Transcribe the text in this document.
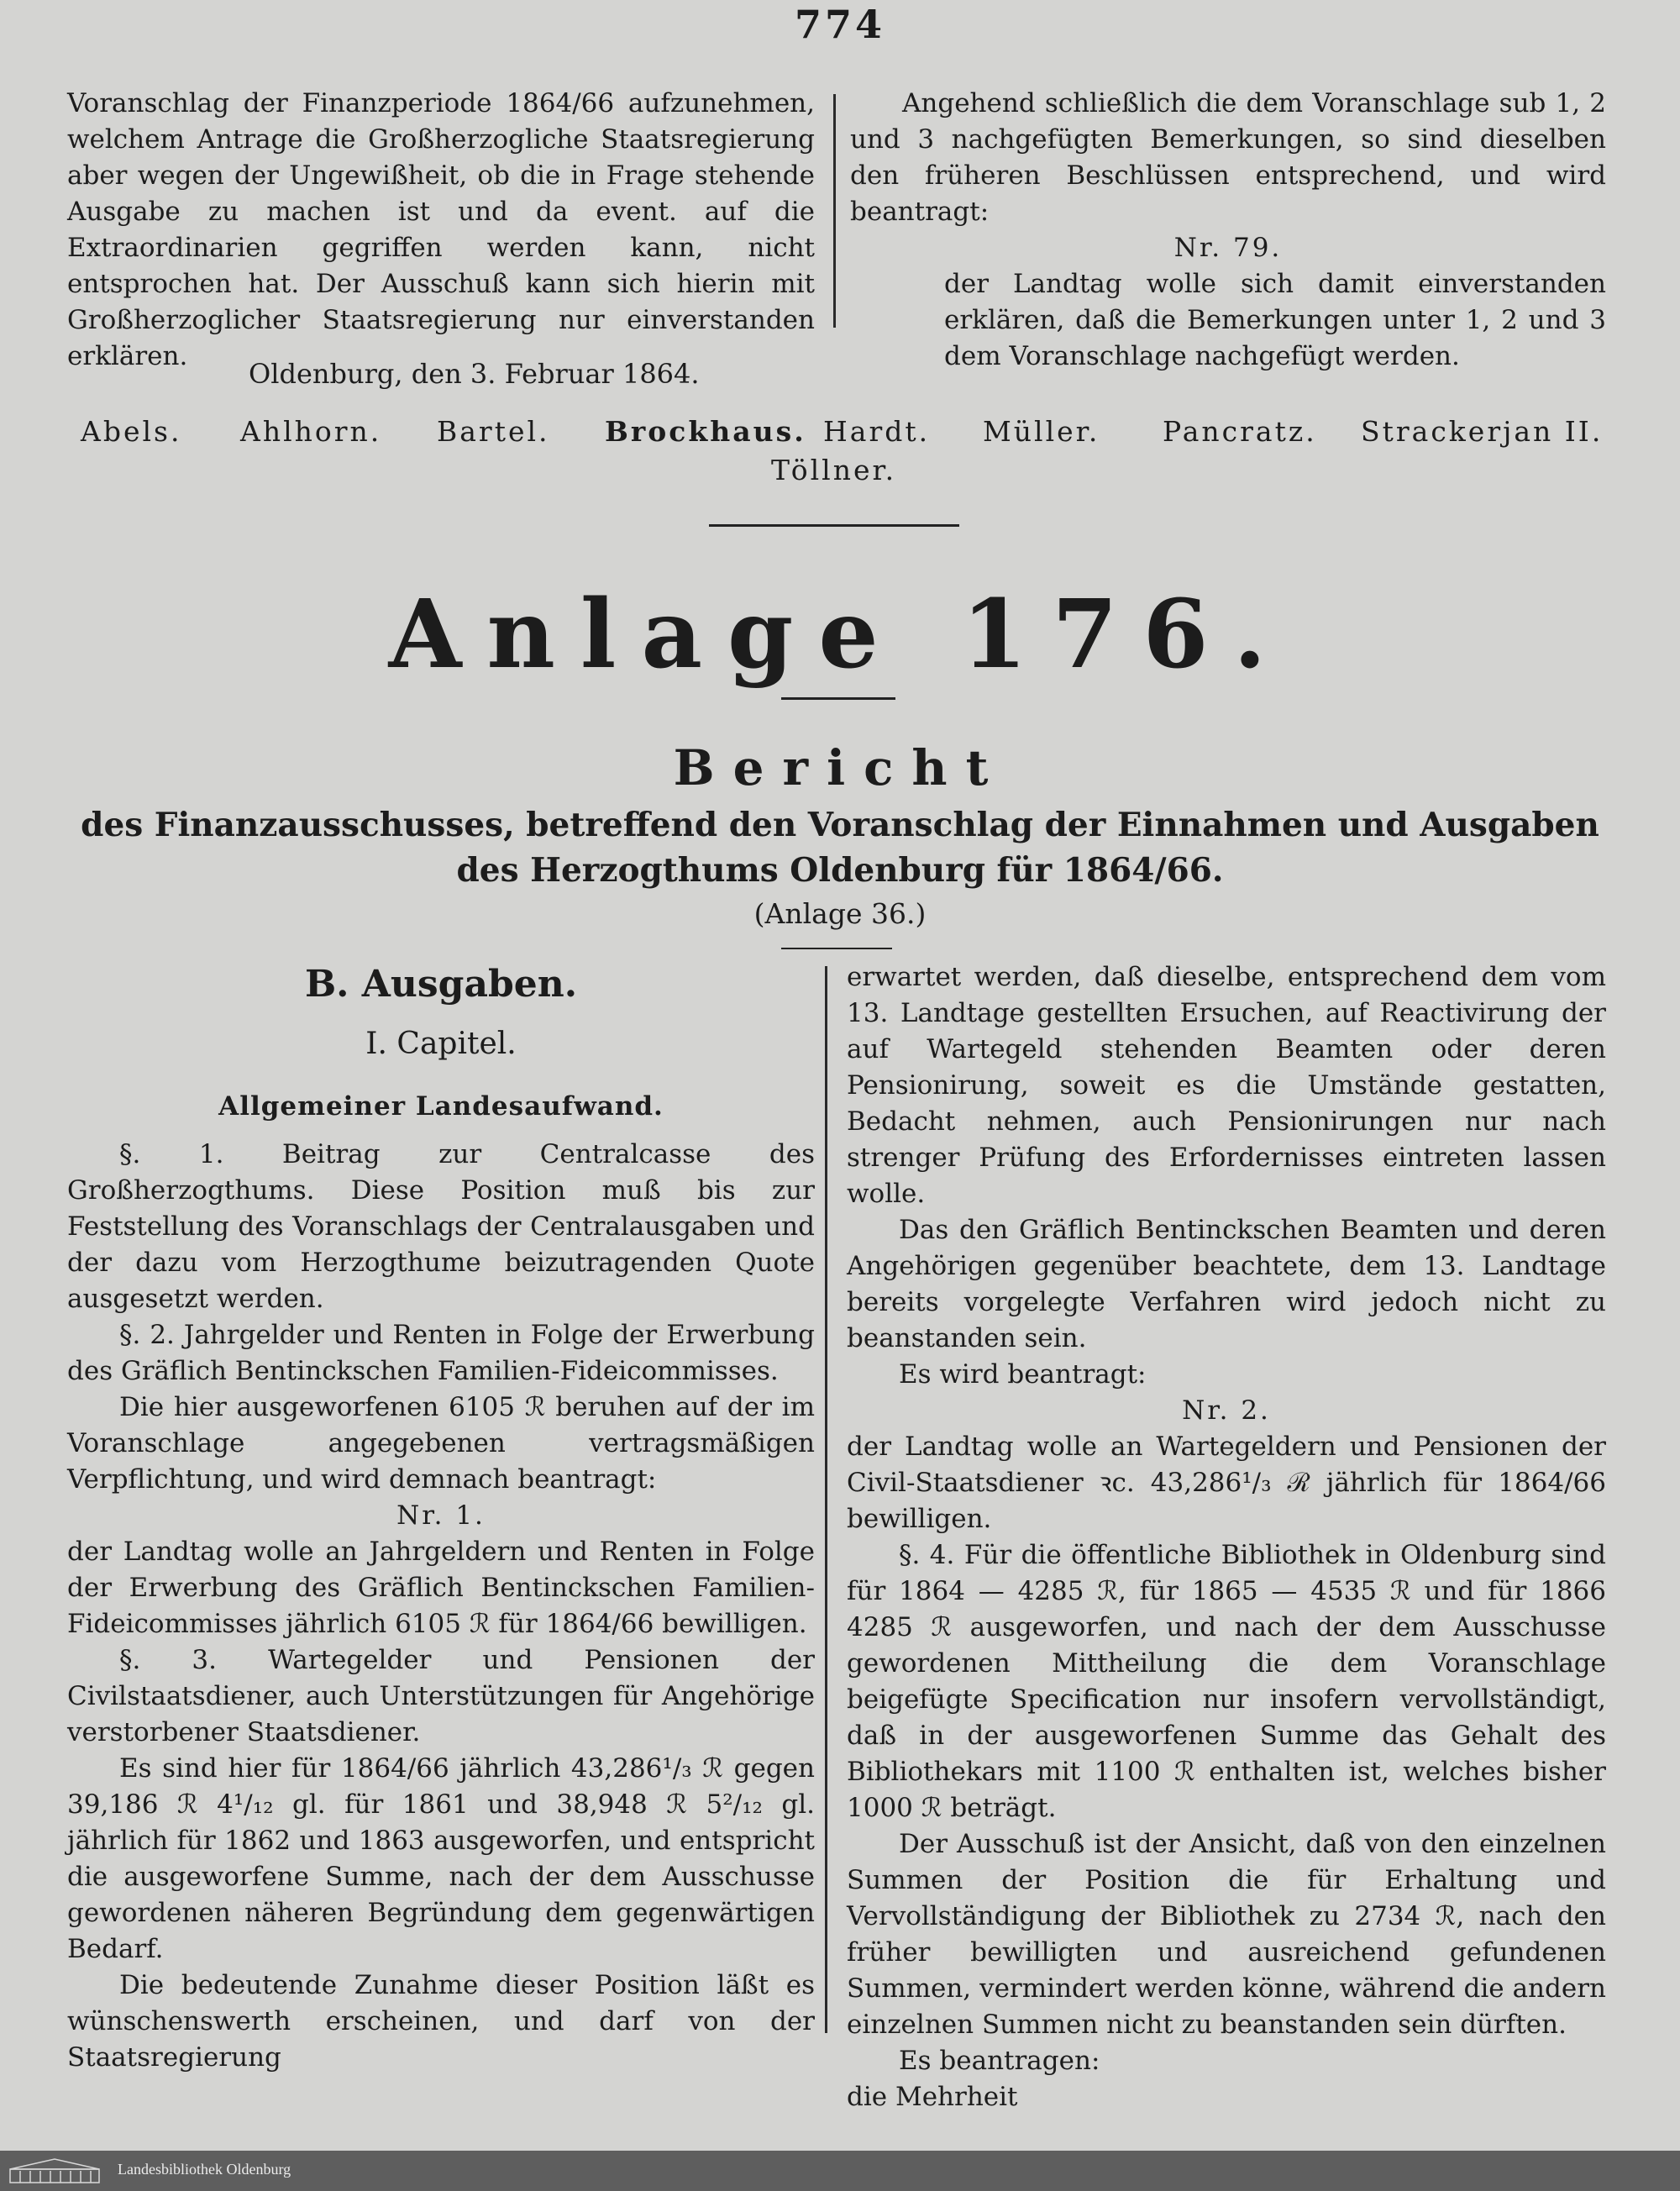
774

Voranschlag der Finanzperiode 1864/66 aufzunehmen, welchem Antrage die Großherzogliche Staatsregierung aber wegen der Ungewißheit, ob die in Frage stehende Ausgabe zu machen ist und da event. auf die Extraordinarien gegriffen werden kann, nicht entsprochen hat. Der Ausschuß kann sich hierin mit Großherzoglicher Staatsregierung nur einverstanden erklären.

Angehend schließlich die dem Voranschlage sub 1, 2 und 3 nachgefügten Bemerkungen, so sind dieselben den früheren Beschlüssen entsprechend, und wird beantragt:

Nr. 79.

der Landtag wolle sich damit einverstanden erklären, daß die Bemerkungen unter 1, 2 und 3 dem Voranschlage nachgefügt werden.

Oldenburg, den 3. Februar 1864.
Abels. Ahlhorn. Bartel. Brockhaus. Hardt. Müller. Pancratz. Strackerjan II.
Töllner.
Anlage 176.
Bericht
des Finanzausschusses, betreffend den Voranschlag der Einnahmen und Ausgaben des Herzogthums Oldenburg für 1864/66.
(Anlage 36.)
B. Ausgaben.
I. Capitel.
Allgemeiner Landesaufwand.

§. 1. Beitrag zur Centralcasse des Großherzogthums. Diese Position muß bis zur Feststellung des Voranschlags der Centralausgaben und der dazu vom Herzogthume beizutragenden Quote ausgesetzt werden.

§. 2. Jahrgelder und Renten in Folge der Erwerbung des Gräflich Bentinckschen Familien-Fideicommisses.

Die hier ausgeworfenen 6105 ℛ beruhen auf der im Voranschlage angegebenen vertragsmäßigen Verpflichtung, und wird demnach beantragt:

Nr. 1.

der Landtag wolle an Jahrgeldern und Renten in Folge der Erwerbung des Gräflich Bentinckschen Familien-Fideicommisses jährlich 6105 ℛ für 1864/66 bewilligen.

§. 3. Wartegelder und Pensionen der Civilstaatsdiener, auch Unterstützungen für Angehörige verstorbener Staatsdiener.

Es sind hier für 1864/66 jährlich 43,286¹/₃ ℛ gegen 39,186 ℛ 4¹/₁₂ gl. für 1861 und 38,948 ℛ 5²/₁₂ gl. jährlich für 1862 und 1863 ausgeworfen, und entspricht die ausgeworfene Summe, nach der dem Ausschusse gewordenen näheren Begründung dem gegenwärtigen Bedarf.

Die bedeutende Zunahme dieser Position läßt es wünschenswerth erscheinen, und darf von der Staatsregierung

erwartet werden, daß dieselbe, entsprechend dem vom 13. Landtage gestellten Ersuchen, auf Reactivirung der auf Wartegeld stehenden Beamten oder deren Pensionirung, soweit es die Umstände gestatten, Bedacht nehmen, auch Pensionirungen nur nach strenger Prüfung des Erfordernisses eintreten lassen wolle.

Das den Gräflich Bentinckschen Beamten und deren Angehörigen gegenüber beachtete, dem 13. Landtage bereits vorgelegte Verfahren wird jedoch nicht zu beanstanden sein.

Es wird beantragt:

Nr. 2.

der Landtag wolle an Wartegeldern und Pensionen der Civil-Staatsdiener ꝛc. 43,286¹/₃ ℛ jährlich für 1864/66 bewilligen.

§. 4. Für die öffentliche Bibliothek in Oldenburg sind für 1864 — 4285 ℛ, für 1865 — 4535 ℛ und für 1866 4285 ℛ ausgeworfen, und nach der dem Ausschusse gewordenen Mittheilung die dem Voranschlage beigefügte Specification nur insofern vervollständigt, daß in der ausgeworfenen Summe das Gehalt des Bibliothekars mit 1100 ℛ enthalten ist, welches bisher 1000 ℛ beträgt.

Der Ausschuß ist der Ansicht, daß von den einzelnen Summen der Position die für Erhaltung und Vervollständigung der Bibliothek zu 2734 ℛ, nach den früher bewilligten und ausreichend gefundenen Summen, vermindert werden könne, während die andern einzelnen Summen nicht zu beanstanden sein dürften.

Es beantragen:

die Mehrheit

Landesbibliothek Oldenburg
